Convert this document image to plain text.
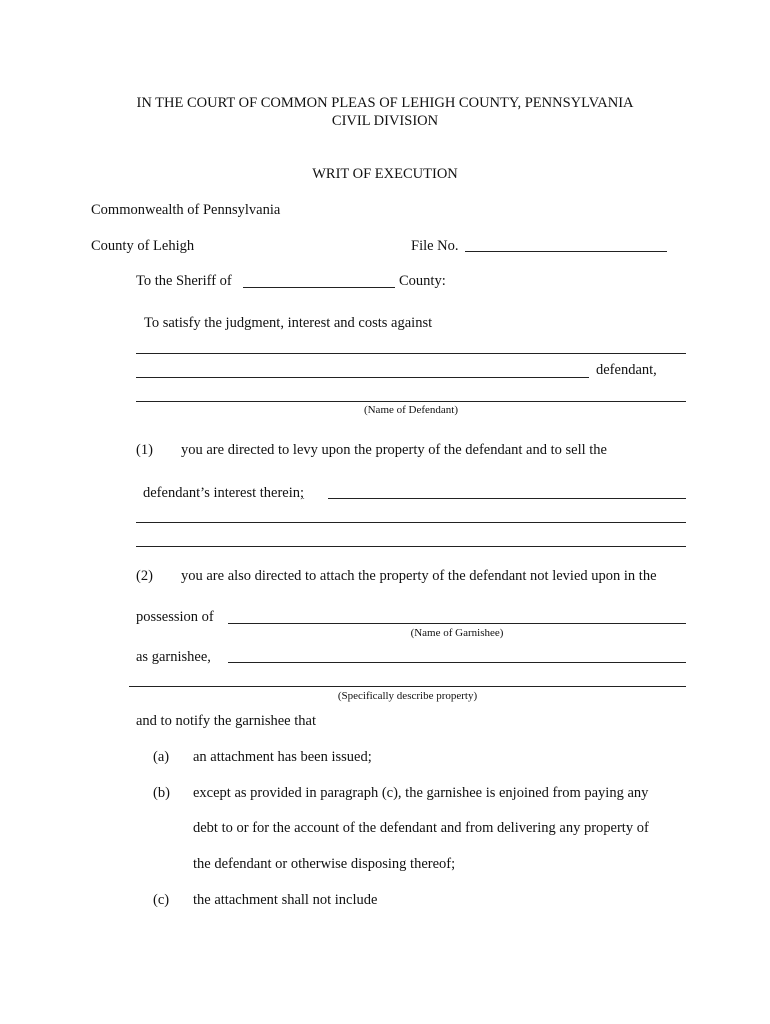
IN THE COURT OF COMMON PLEAS OF LEHIGH COUNTY, PENNSYLVANIA
CIVIL DIVISION
WRIT OF EXECUTION
Commonwealth of Pennsylvania
County of Lehigh	File No.
To the Sheriff of	County:
To satisfy the judgment, interest and costs against
defendant,
(Name of Defendant)
(1) you are directed to levy upon the property of the defendant and to sell the
defendant’s interest therein;
(2) you are also directed to attach the property of the defendant not levied upon in the
possession of
(Name of Garnishee)
as garnishee,
(Specifically describe property)
and to notify the garnishee that
(a) an attachment has been issued;
(b) except as provided in paragraph (c), the garnishee is enjoined from paying any
debt to or for the account of the defendant and from delivering any property of
the defendant or otherwise disposing thereof;
(c) the attachment shall not include
